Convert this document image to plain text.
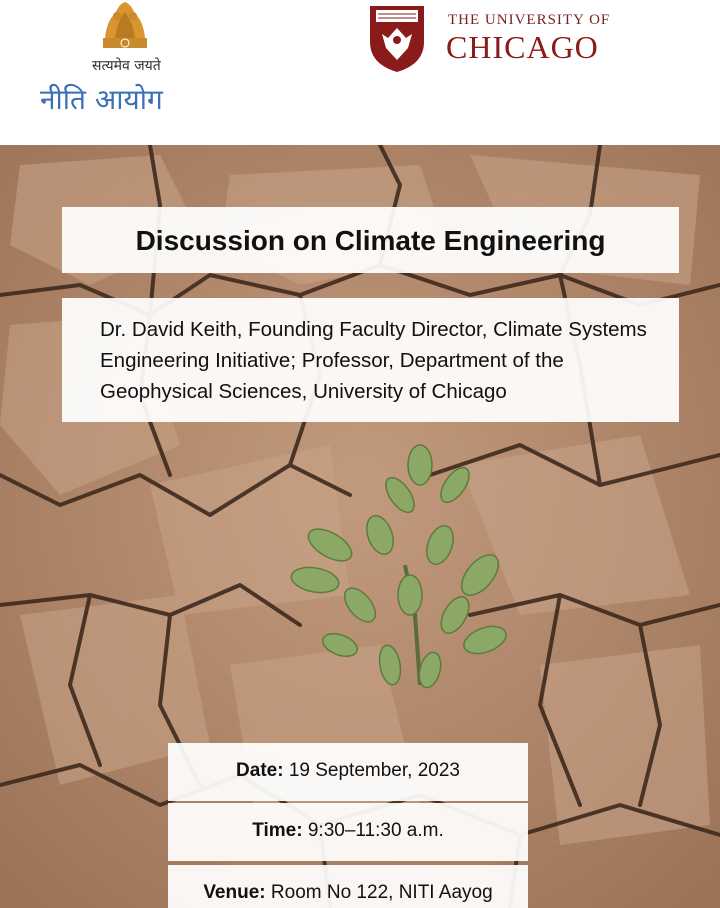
सत्यमेव जयते
नीति आयोग
THE UNIVERSITY OF
CHICAGO
Discussion on Climate Engineering
Dr. David Keith, Founding Faculty Director, Climate Systems Engineering Initiative; Professor, Department of the Geophysical Sciences, University of Chicago
Date: 19 September, 2023
Time: 9:30–11:30 a.m.
Venue: Room No 122, NITI Aayog
